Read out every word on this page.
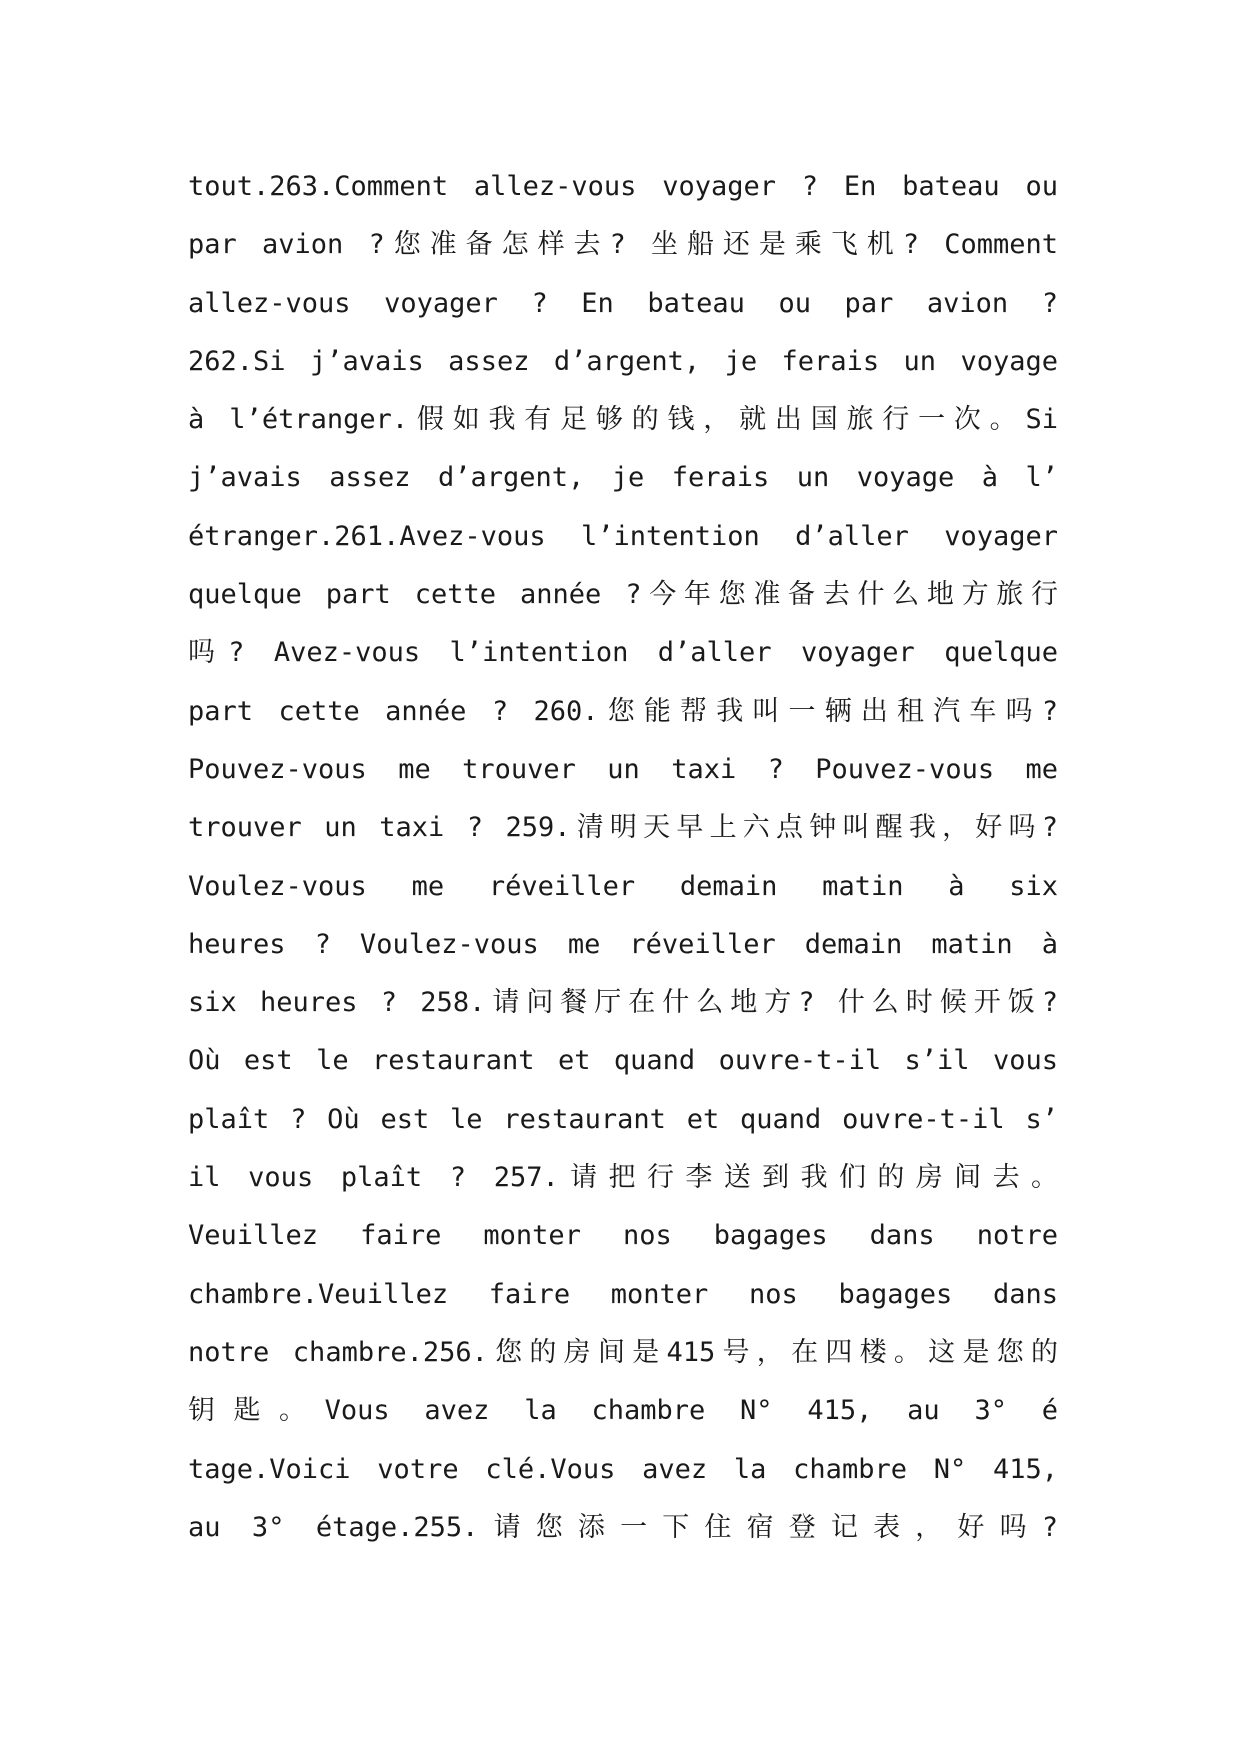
tout.263.Comment allez-vous voyager ? En bateau ou
par avion ?您准备怎样去? 坐船还是乘飞机? Comment
allez-vous voyager ? En bateau ou par avion ?
262.Si j’avais assez d’argent, je ferais un voyage
à l’étranger.假如我有足够的钱，就出国旅行一次。Si
j’avais assez d’argent, je ferais un voyage à l’
étranger.261.Avez-vous l’intention d’aller voyager
quelque part cette année ?今年您准备去什么地方旅行
吗? Avez-vous l’intention d’aller voyager quelque
part cette année ? 260.您能帮我叫一辆出租汽车吗?
Pouvez-vous me trouver un taxi ? Pouvez-vous me
trouver un taxi ? 259.清明天早上六点钟叫醒我，好吗?
Voulez-vous me réveiller demain matin à six
heures ? Voulez-vous me réveiller demain matin à
six heures ? 258.请问餐厅在什么地方? 什么时候开饭?
Où est le restaurant et quand ouvre-t-il s’il vous
plaît ? Où est le restaurant et quand ouvre-t-il s’
il vous plaît ? 257.请把行李送到我们的房间去。
Veuillez faire monter nos bagages dans notre
chambre.Veuillez faire monter nos bagages dans
notre chambre.256.您的房间是415号，在四楼。这是您的
钥匙。Vous avez la chambre N° 415, au 3° é
tage.Voici votre clé.Vous avez la chambre N° 415,
au 3° étage.255.请您添一下住宿登记表，好吗?
